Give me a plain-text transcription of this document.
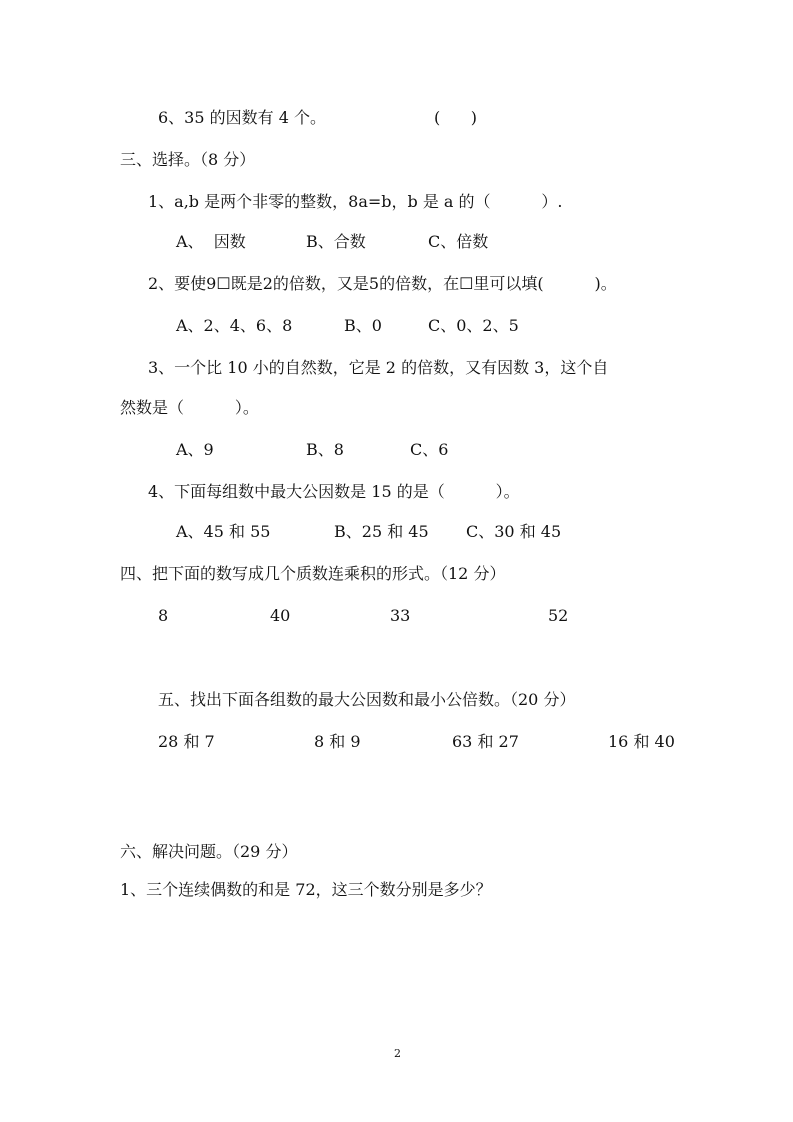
6、35 的因数有 4 个。	(      )
三、选择。（8 分）
1、a,b 是两个非零的整数，8a=b，b 是 a 的（          ）.
A、  因数	B、合数	C、倍数
2、要使9☐既是2的倍数，又是5的倍数，在☐里可以填(          )。
A、2、4、6、8	B、0	C、0、2、5
3、一个比 10 小的自然数，它是 2 的倍数，又有因数 3，这个自
然数是（          ）。
A、9	B、8	C、6
4、下面每组数中最大公因数是 15 的是（          ）。
A、45 和 55	B、25 和 45 C、30 和 45
四、把下面的数写成几个质数连乘积的形式。（12 分）
8	40	33	52
五、找出下面各组数的最大公因数和最小公倍数。（20 分）
28 和 7	8 和 9	63 和 27	16 和 40
六、解决问题。（29 分）
1、三个连续偶数的和是 72，这三个数分别是多少？
2
